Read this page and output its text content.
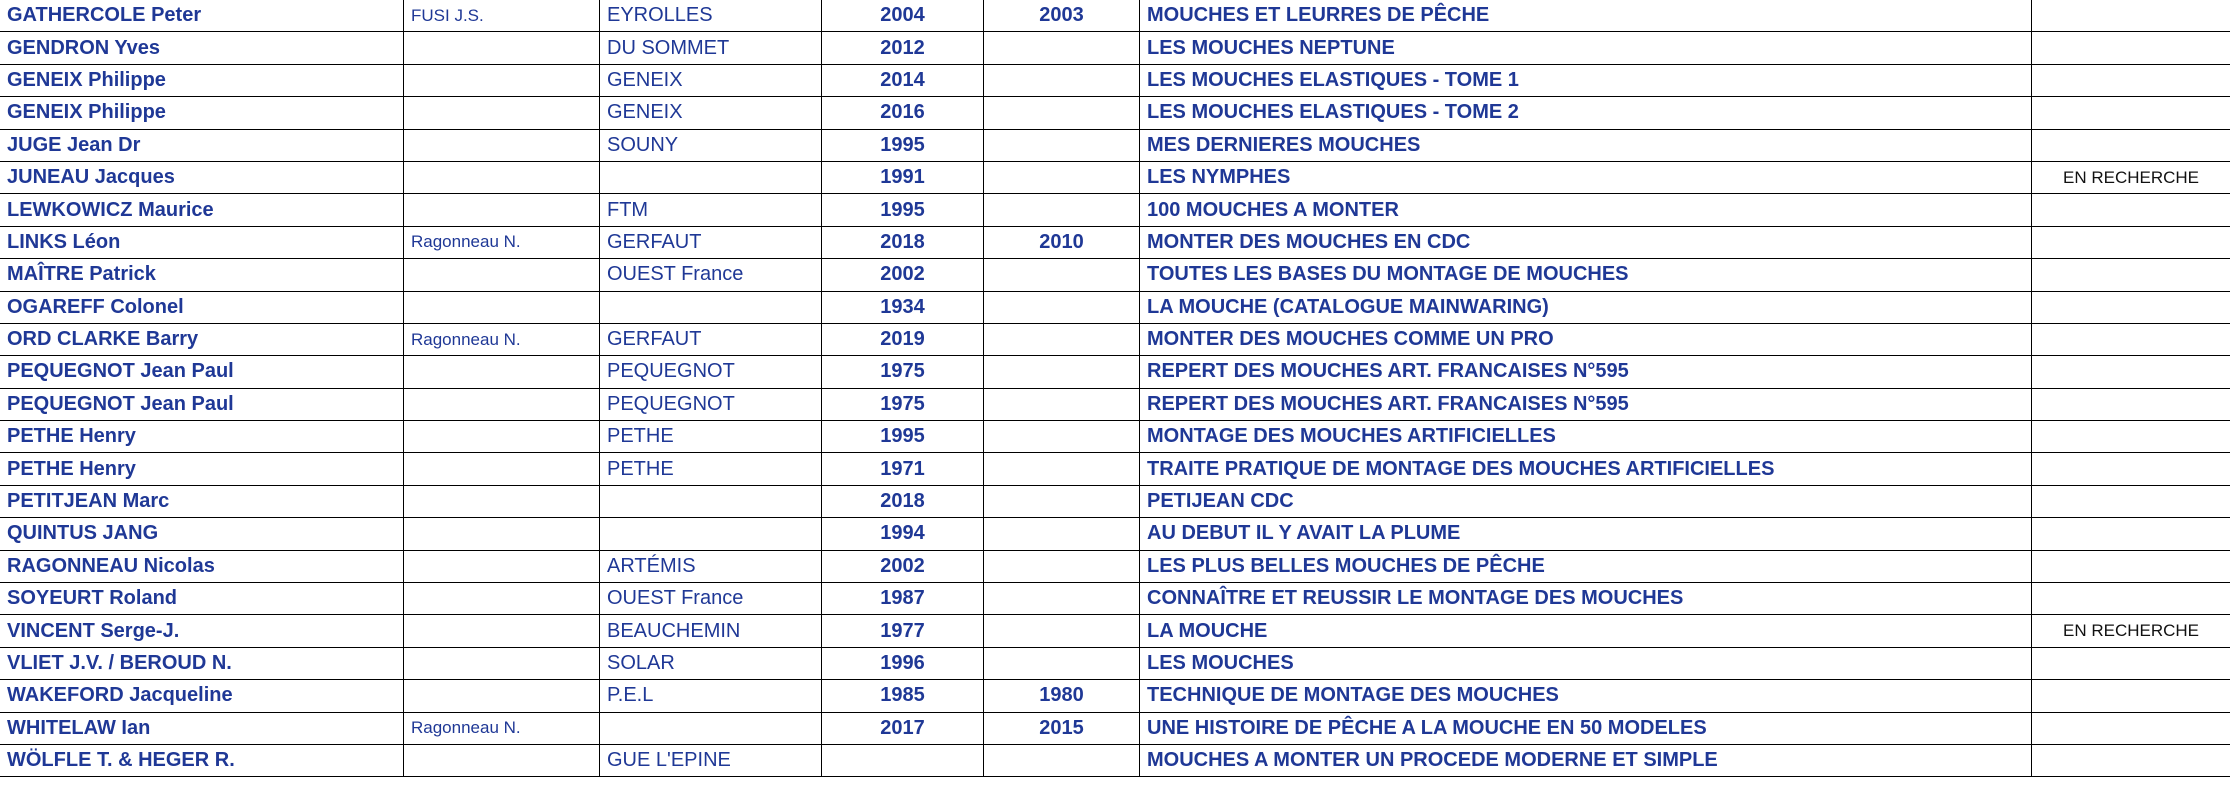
GATHERCOLE Peter	FUSI J.S.	EYROLLES	2004	2003	MOUCHES ET LEURRES DE PÊCHE	
GENDRON Yves		DU SOMMET	2012		LES MOUCHES NEPTUNE	
GENEIX Philippe		GENEIX	2014		LES MOUCHES ELASTIQUES - TOME 1	
GENEIX Philippe		GENEIX	2016		LES MOUCHES ELASTIQUES - TOME 2	
JUGE Jean Dr		SOUNY	1995		MES DERNIERES MOUCHES	
JUNEAU Jacques			1991		LES NYMPHES	EN RECHERCHE
LEWKOWICZ Maurice		FTM	1995		100 MOUCHES A MONTER	
LINKS Léon	Ragonneau N.	GERFAUT	2018	2010	MONTER DES MOUCHES EN CDC	
MAÎTRE Patrick		OUEST France	2002		TOUTES LES BASES DU MONTAGE DE MOUCHES	
OGAREFF Colonel			1934		LA MOUCHE (CATALOGUE MAINWARING)	
ORD CLARKE Barry	Ragonneau N.	GERFAUT	2019		MONTER DES MOUCHES COMME UN PRO	
PEQUEGNOT Jean Paul		PEQUEGNOT	1975		REPERT DES MOUCHES ART. FRANCAISES N°595	
PEQUEGNOT Jean Paul		PEQUEGNOT	1975		REPERT DES MOUCHES ART. FRANCAISES N°595	
PETHE Henry		PETHE	1995		MONTAGE DES MOUCHES ARTIFICIELLES	
PETHE Henry		PETHE	1971		TRAITE PRATIQUE DE MONTAGE DES MOUCHES ARTIFICIELLES	
PETITJEAN Marc			2018		PETIJEAN CDC	
QUINTUS JANG			1994		AU DEBUT IL Y AVAIT LA PLUME	
RAGONNEAU Nicolas		ARTÉMIS	2002		LES PLUS BELLES MOUCHES DE PÊCHE	
SOYEURT Roland		OUEST France	1987		CONNAÎTRE ET REUSSIR LE MONTAGE DES MOUCHES	
VINCENT Serge-J.		BEAUCHEMIN	1977		LA MOUCHE	EN RECHERCHE
VLIET J.V. / BEROUD N.		SOLAR	1996		LES MOUCHES	
WAKEFORD Jacqueline		P.E.L	1985	1980	TECHNIQUE DE MONTAGE DES MOUCHES	
WHITELAW Ian	Ragonneau N.		2017	2015	UNE HISTOIRE DE PÊCHE A LA MOUCHE EN 50 MODELES	
WÖLFLE T. & HEGER R.		GUE L'EPINE			MOUCHES A MONTER UN PROCEDE MODERNE ET SIMPLE	
